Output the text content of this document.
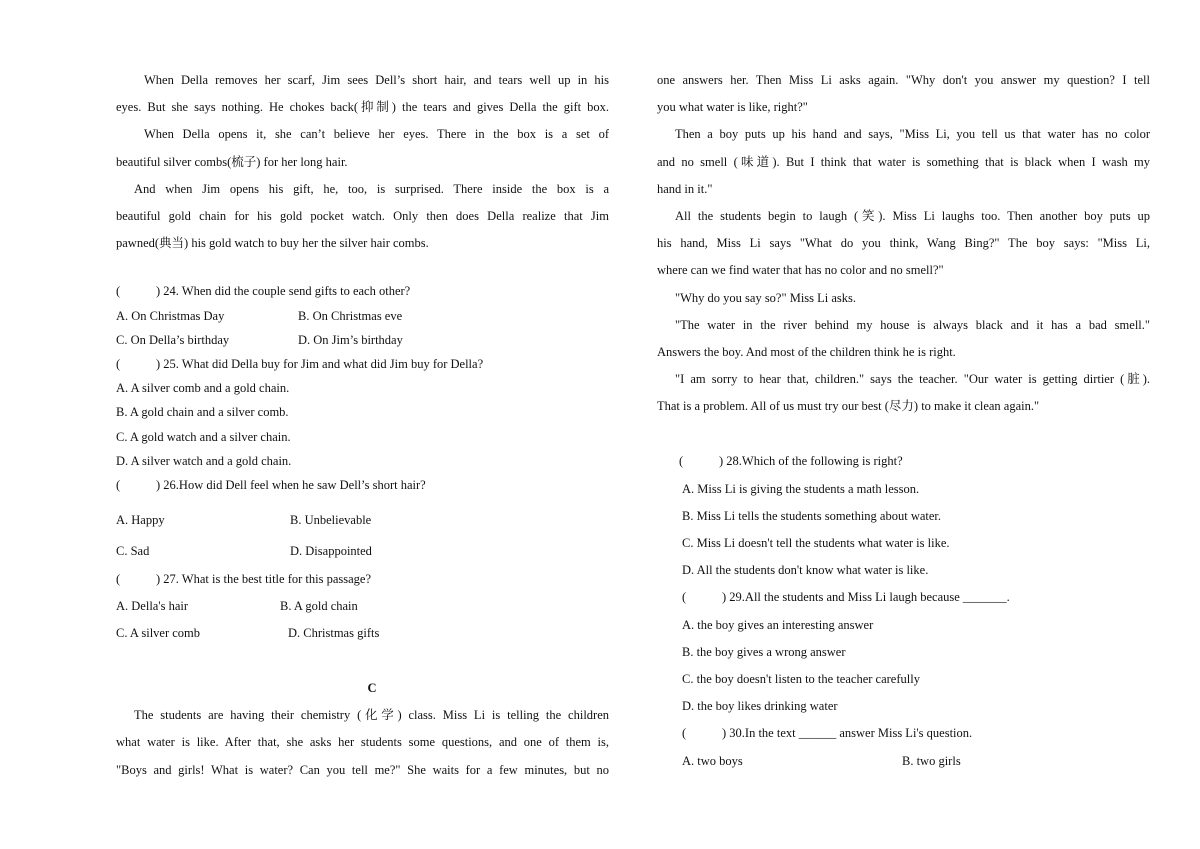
When Della removes her scarf, Jim sees Dell’s short hair, and tears well up in his
eyes. But she says nothing. He chokes back(抑制) the tears and gives Della the gift box.
When Della opens it, she can’t believe her eyes. There in the box is a set of
beautiful silver combs(梳子) for her long hair.
And when Jim opens his gift, he, too, is surprised. There inside the box is a
beautiful gold chain for his gold pocket watch. Only then does Della realize that Jim
pawned(典当) his gold watch to buy her the silver hair combs.
(	) 24. When did the couple send gifts to each other?
A. On Christmas Day	B. On Christmas eve
C. On Della’s birthday	D. On Jim’s birthday
(	) 25. What did Della buy for Jim and what did Jim buy for Della?
A. A silver comb and a gold chain.
B. A gold chain and a silver comb.
C. A gold watch and a silver chain.
D. A silver watch and a gold chain.
(	) 26.How did Dell feel when he saw Dell’s short hair?
A. Happy	B. Unbelievable
C. Sad	D. Disappointed
(	) 27. What is the best title for this passage?
A. Della's hair	B. A gold chain
C. A silver comb	D. Christmas gifts
C
The students are having their chemistry (化学) class. Miss Li is telling the children
what water is like. After that, she asks her students some questions, and one of them is,
"Boys and girls! What is water? Can you tell me?" She waits for a few minutes, but no
one answers her. Then Miss Li asks again. "Why don't you answer my question? I tell
you what water is like, right?"
Then a boy puts up his hand and says, "Miss Li, you tell us that water has no color
and no smell (味道). But I think that water is something that is black when I wash my
hand in it."
All the students begin to laugh (笑). Miss Li laughs too. Then another boy puts up
his hand, Miss Li says "What do you think, Wang Bing?" The boy says: "Miss Li,
where can we find water that has no color and no smell?"
"Why do you say so?" Miss Li asks.
"The water in the river behind my house is always black and it has a bad smell."
Answers the boy. And most of the children think he is right.
"I am sorry to hear that, children." says the teacher. "Our water is getting dirtier (脏).
That is a problem. All of us must try our best (尽力) to make it clean again."
(	) 28.Which of the following is right?
A. Miss Li is giving the students a math lesson.
B. Miss Li tells the students something about water.
C. Miss Li doesn't tell the students what water is like.
D. All the students don't know what water is like.
(	) 29.All the students and Miss Li laugh because _______.
A. the boy gives an interesting answer
B. the boy gives a wrong answer
C. the boy doesn't listen to the teacher carefully
D. the boy likes drinking water
(	) 30.In the text ______ answer Miss Li's question.
A. two boys	B. two girls
